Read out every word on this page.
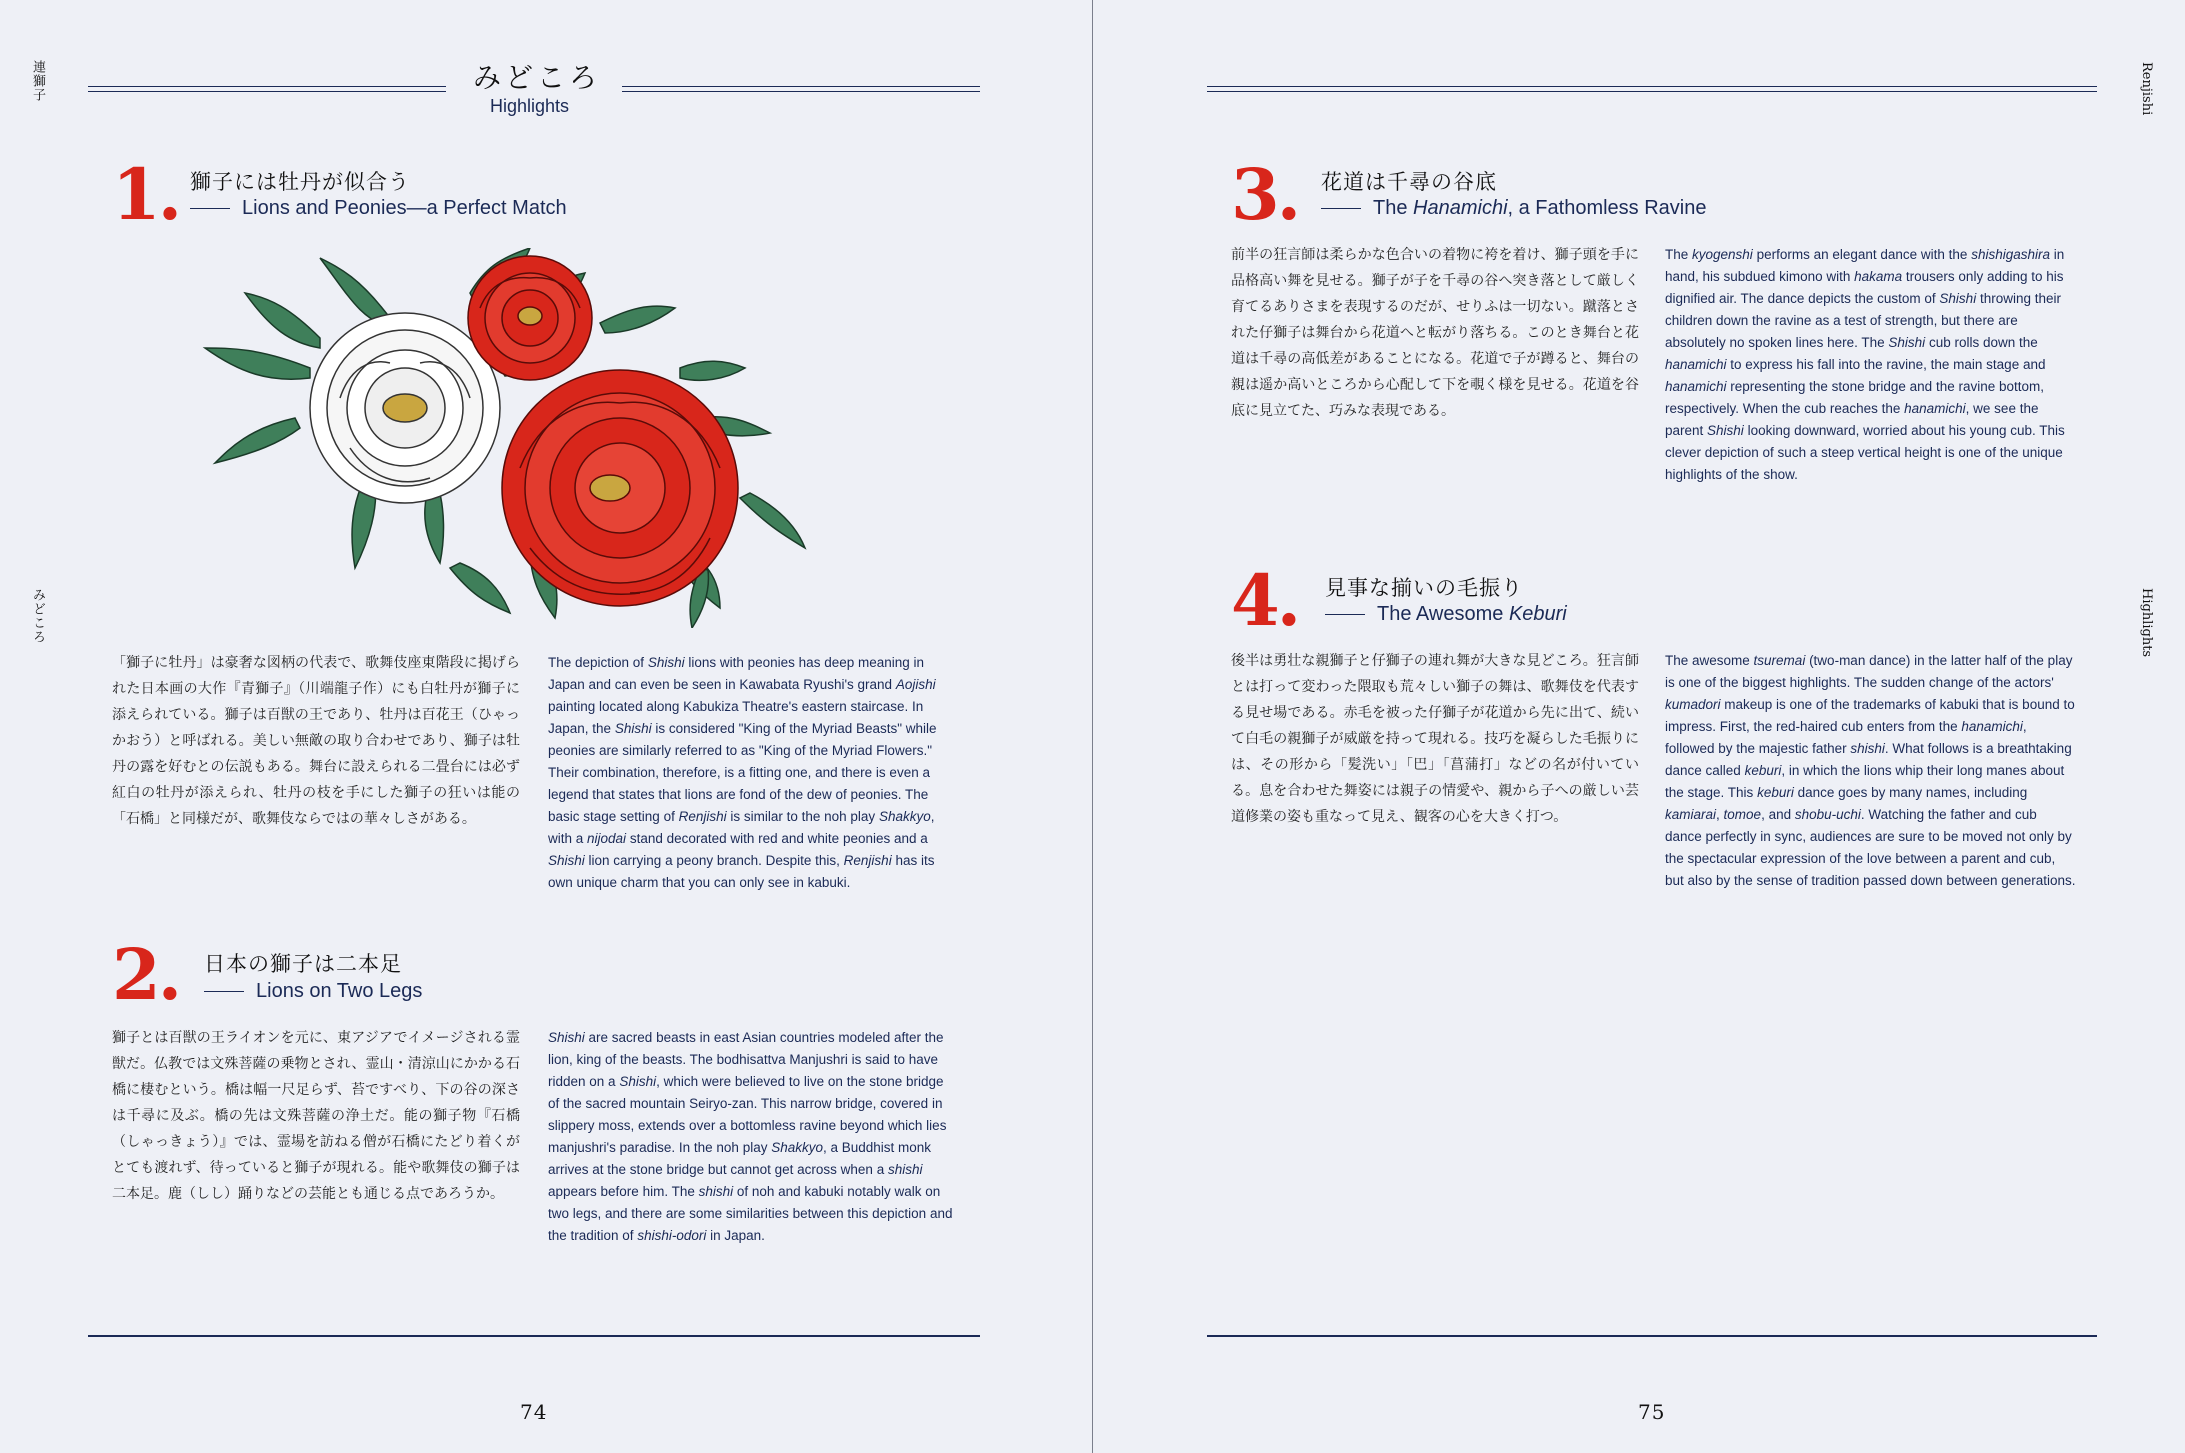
連獅子
みどころ
みどころ
Highlights
1. 獅子には牡丹が似合う
Lions and Peonies—a Perfect Match
「獅子に牡丹」は豪奢な図柄の代表で、歌舞伎座東階段に掲げられた日本画の大作『青獅子』（川端龍子作）にも白牡丹が獅子に添えられている。獅子は百獣の王であり、牡丹は百花王（ひゃっかおう）と呼ばれる。美しい無敵の取り合わせであり、獅子は牡丹の露を好むとの伝説もある。舞台に設えられる二畳台には必ず紅白の牡丹が添えられ、牡丹の枝を手にした獅子の狂いは能の「石橋」と同様だが、歌舞伎ならではの華々しさがある。
The depiction of Shishi lions with peonies has deep meaning in Japan and can even be seen in Kawabata Ryushi's grand Aojishi painting located along Kabukiza Theatre's eastern staircase. In Japan, the Shishi is considered "King of the Myriad Beasts" while peonies are similarly referred to as "King of the Myriad Flowers." Their combination, therefore, is a fitting one, and there is even a legend that states that lions are fond of the dew of peonies. The basic stage setting of Renjishi is similar to the noh play Shakkyo, with a nijodai stand decorated with red and white peonies and a Shishi lion carrying a peony branch. Despite this, Renjishi has its own unique charm that you can only see in kabuki.
2. 日本の獅子は二本足
Lions on Two Legs
獅子とは百獣の王ライオンを元に、東アジアでイメージされる霊獣だ。仏教では文殊菩薩の乗物とされ、霊山・清涼山にかかる石橋に棲むという。橋は幅一尺足らず、苔ですべり、下の谷の深さは千尋に及ぶ。橋の先は文殊菩薩の浄土だ。能の獅子物『石橋（しゃっきょう）』では、霊場を訪ねる僧が石橋にたどり着くがとても渡れず、待っていると獅子が現れる。能や歌舞伎の獅子は二本足。鹿（しし）踊りなどの芸能とも通じる点であろうか。
Shishi are sacred beasts in east Asian countries modeled after the lion, king of the beasts. The bodhisattva Manjushri is said to have ridden on a Shishi, which were believed to live on the stone bridge of the sacred mountain Seiryo-zan. This narrow bridge, covered in slippery moss, extends over a bottomless ravine beyond which lies manjushri's paradise. In the noh play Shakkyo, a Buddhist monk arrives at the stone bridge but cannot get across when a shishi appears before him. The shishi of noh and kabuki notably walk on two legs, and there are some similarities between this depiction and the tradition of shishi-odori in Japan.
74
Renjishi
Highlights
3. 花道は千尋の谷底
The Hanamichi, a Fathomless Ravine
前半の狂言師は柔らかな色合いの着物に袴を着け、獅子頭を手に品格高い舞を見せる。獅子が子を千尋の谷へ突き落として厳しく育てるありさまを表現するのだが、せりふは一切ない。蹴落とされた仔獅子は舞台から花道へと転がり落ちる。このとき舞台と花道は千尋の高低差があることになる。花道で子が蹲ると、舞台の親は遥か高いところから心配して下を覗く様を見せる。花道を谷底に見立てた、巧みな表現である。
The kyogenshi performs an elegant dance with the shishigashira in hand, his subdued kimono with hakama trousers only adding to his dignified air. The dance depicts the custom of Shishi throwing their children down the ravine as a test of strength, but there are absolutely no spoken lines here. The Shishi cub rolls down the hanamichi to express his fall into the ravine, the main stage and hanamichi representing the stone bridge and the ravine bottom, respectively. When the cub reaches the hanamichi, we see the parent Shishi looking downward, worried about his young cub. This clever depiction of such a steep vertical height is one of the unique highlights of the show.
4. 見事な揃いの毛振り
The Awesome Keburi
後半は勇壮な親獅子と仔獅子の連れ舞が大きな見どころ。狂言師とは打って変わった隈取も荒々しい獅子の舞は、歌舞伎を代表する見せ場である。赤毛を被った仔獅子が花道から先に出て、続いて白毛の親獅子が威厳を持って現れる。技巧を凝らした毛振りには、その形から「髪洗い」「巴」「菖蒲打」などの名が付いている。息を合わせた舞姿には親子の情愛や、親から子への厳しい芸道修業の姿も重なって見え、観客の心を大きく打つ。
The awesome tsuremai (two-man dance) in the latter half of the play is one of the biggest highlights. The sudden change of the actors' kumadori makeup is one of the trademarks of kabuki that is bound to impress. First, the red-haired cub enters from the hanamichi, followed by the majestic father shishi. What follows is a breathtaking dance called keburi, in which the lions whip their long manes about the stage. This keburi dance goes by many names, including kamiarai, tomoe, and shobu-uchi. Watching the father and cub dance perfectly in sync, audiences are sure to be moved not only by the spectacular expression of the love between a parent and cub, but also by the sense of tradition passed down between generations.
75
